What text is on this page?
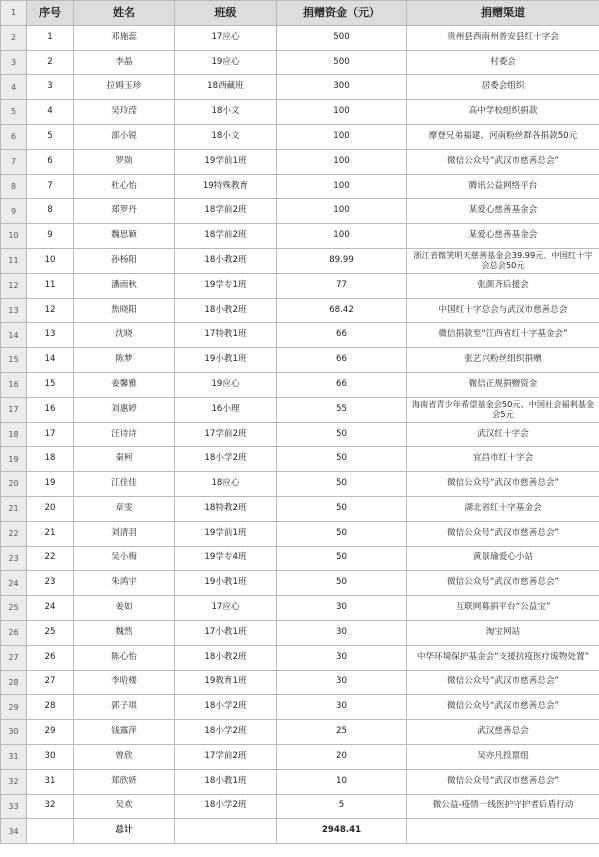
1	序号	姓名	班级	捐赠资金（元）	捐赠渠道
2	1	邓施蕊	17应心	500	贵州县西南州普安县红十字会
3	2	李晶	19应心	500	村委会
4	3	拉姆玉珍	18西藏班	300	居委会组织
5	4	吴玲滢	18小文	100	高中学校组织捐款
6	5	部小锐	18小文	100	摩登兄弟福建、河南粉丝群各捐款50元
7	6	罗勋	19学前1班	100	微信公众号“武汉市慈善总会”
8	7	杜心怡	19特殊教育	100	腾讯公益网络平台
9	8	郑罗丹	18学前2班	100	某爱心慈善基金会
10	9	魏思颖	18学前2班	100	某爱心慈善基金会
11	10	孙杨阳	18小教2班	89.99	浙江省微笑明天慈善基金会39.99元、中国红十字会总会50元
12	11	潘雨秋	19学专1班	77	张颜齐后援会
13	12	焦晓阳	18小教2班	68.42	中国红十字总会与武汉市慈善总会
14	13	沈晓	17特教1班	66	微信捐款至“江西省红十字基金会”
15	14	陈梦	19小教1班	66	张艺兴粉丝组织捐赠
16	15	姜馨雅	19应心	66	微信正规捐赠资金
17	16	刘惠婷	16小理	55	海南省青少年希望基金会50元、中国社会福利基金会5元
18	17	汪诗诗	17学前2班	50	武汉红十字会
19	18	秦柯	18小学2班	50	宜昌市红十字会
20	19	江佳佳	18应心	50	微信公众号“武汉市慈善总会”
21	20	章雯	18特教2班	50	湖北省红十字基金会
22	21	刘清羽	19学前1班	50	微信公众号“武汉市慈善总会”
23	22	吴小梅	19学专4班	50	黄景瑜爱心小站
24	23	朱鸿宇	19小教1班	50	微信公众号“武汉市慈善总会”
25	24	姜如	17应心	30	互联网募捐平台“公益宝”
26	25	魏然	17小教1班	30	淘宝网站
27	26	陈心怡	18小教2班	30	中华环境保护基金会“支援抗疫医疗废物处置”
28	27	李哈楼	19教育1班	30	微信公众号“武汉市慈善总会”
29	28	郭子琪	18小学2班	30	微信公众号“武汉市慈善总会”
30	29	钱露萍	18小学2班	25	武汉慈善总会
31	30	曾欣	17学前2班	20	吴亦凡投票组
32	31	郑欣妍	18小教1班	10	微信公众号“武汉市慈善总会”
33	32	吴欢	18小学2班	5	微公益-疫情一线医护守护者后盾行动
34		总计		2948.41	
